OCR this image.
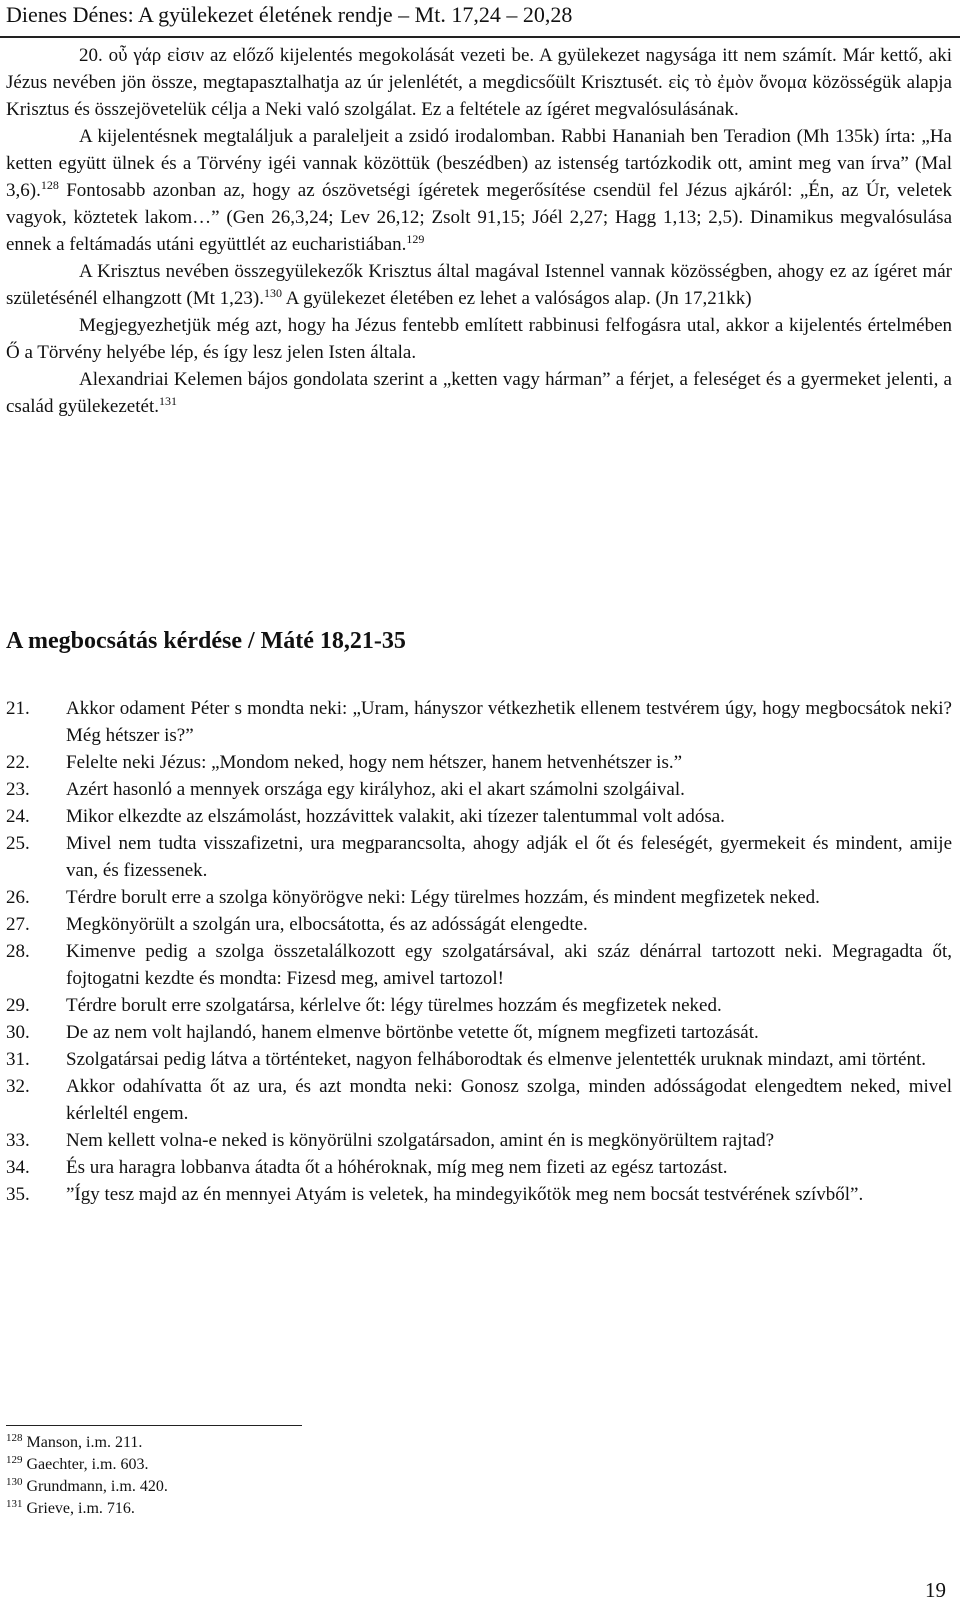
Dienes Dénes: A gyülekezet életének rendje – Mt. 17,24 – 20,28

20. οὖ γάρ εἰσιν az előző kijelentés megokolását vezeti be. A gyülekezet nagysága itt nem számít. Már kettő, aki Jézus nevében jön össze, megtapasztalhatja az úr jelenlétét, a megdicsőült Krisztusét. εἰς τὸ ἐμὸν ὄνομα közösségük alapja Krisztus és összejövetelük célja a Neki való szolgálat. Ez a feltétele az ígéret megvalósulásának.

A kijelentésnek megtaláljuk a paraleljeit a zsidó irodalomban. Rabbi Hananiah ben Teradion (Mh 135k) írta: „Ha ketten együtt ülnek és a Törvény igéi vannak közöttük (beszédben) az istenség tartózkodik ott, amint meg van írva” (Mal 3,6).$^{128}$ Fontosabb azonban az, hogy az ószövetségi ígéretek megerősítése csendül fel Jézus ajkáról: „Én, az Úr, veletek vagyok, köztetek lakom…” (Gen 26,3,24; Lev 26,12; Zsolt 91,15; Jóél 2,27; Hagg 1,13; 2,5). Dinamikus megvalósulása ennek a feltámadás utáni együttlét az eucharistiában.$^{129}$

A Krisztus nevében összegyülekezők Krisztus által magával Istennel vannak közösségben, ahogy ez az ígéret már születésénél elhangzott (Mt 1,23).$^{130}$ A gyülekezet életében ez lehet a valóságos alap. (Jn 17,21kk)

Megjegyezhetjük még azt, hogy ha Jézus fentebb említett rabbinusi felfogásra utal, akkor a kijelentés értelmében Ő a Törvény helyébe lép, és így lesz jelen Isten általa.

Alexandriai Kelemen bájos gondolata szerint a „ketten vagy hárman” a férjet, a feleséget és a gyermeket jelenti, a család gyülekezetét.$^{131}$

A megbocsátás kérdése / Máté 18,21-35
21.	Akkor odament Péter s mondta neki: „Uram, hányszor vétkezhetik ellenem testvérem úgy, hogy megbocsátok neki? Még hétszer is?”
22.	Felelte neki Jézus: „Mondom neked, hogy nem hétszer, hanem hetvenhétszer is.”
23.	Azért hasonló a mennyek országa egy királyhoz, aki el akart számolni szolgáival.
24.	Mikor elkezdte az elszámolást, hozzávittek valakit, aki tízezer talentummal volt adósa.
25.	Mivel nem tudta visszafizetni, ura megparancsolta, ahogy adják el őt és feleségét, gyermekeit és mindent, amije van, és fizessenek.
26.	Térdre borult erre a szolga könyörögve neki: Légy türelmes hozzám, és mindent megfizetek neked.
27.	Megkönyörült a szolgán ura, elbocsátotta, és az adósságát elengedte.
28.	Kimenve pedig a szolga összetalálkozott egy szolgatársával, aki száz dénárral tartozott neki. Megragadta őt, fojtogatni kezdte és mondta: Fizesd meg, amivel tartozol!
29.	Térdre borult erre szolgatársa, kérlelve őt: légy türelmes hozzám és megfizetek neked.
30.	De az nem volt hajlandó, hanem elmenve börtönbe vetette őt, mígnem megfizeti tartozását.
31.	Szolgatársai pedig látva a történteket, nagyon felháborodtak és elmenve jelentették uruknak mindazt, ami történt.
32.	Akkor odahívatta őt az ura, és azt mondta neki: Gonosz szolga, minden adósságodat elengedtem neked, mivel kérleltél engem.
33.	Nem kellett volna-e neked is könyörülni szolgatársadon, amint én is megkönyörültem rajtad?
34.	És ura haragra lobbanva átadta őt a hóhéroknak, míg meg nem fizeti az egész tartozást.
35.	”Így tesz majd az én mennyei Atyám is veletek, ha mindegyikőtök meg nem bocsát testvérének szívből”.
$^{128}$ Manson, i.m. 211.
$^{129}$ Gaechter, i.m. 603.
$^{130}$ Grundmann, i.m. 420.
$^{131}$ Grieve, i.m. 716.
19
